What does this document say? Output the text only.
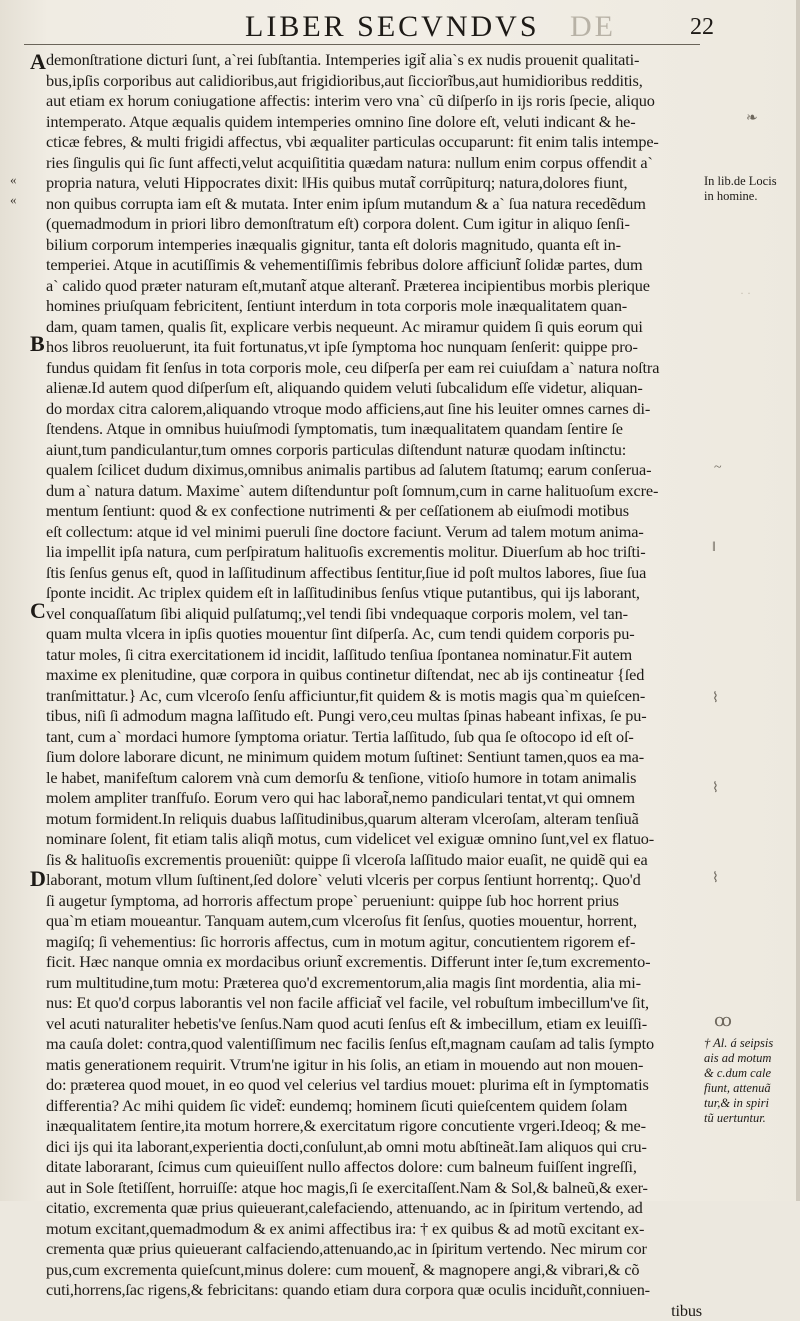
LIBER SECVNDVS DE	22
demonſtratione dicturi ſunt, a`rei ſubſtantia. Intemperies igit̃ alia`s ex nudis prouenit qualitati-
bus,ipſis corporibus aut calidioribus,aut frigidioribus,aut ſicciorĩbus,aut humidioribus redditis,
aut etiam ex horum coniugatione affectis: interim vero vna` cũ diſperſo in ijs roris ſpecie, aliquo
intemperato. Atque æqualis quidem intemperies omnino ſine dolore eſt, veluti indicant & he-
cticæ febres, & multi frigidi affectus, vbi æqualiter particulas occuparunt: fit enim talis intempe-
ries ſingulis qui ſic ſunt affecti,velut acquiſititia quædam natura: nullum enim corpus offendit a`
propria natura, veluti Hippocrates dixit: ‖His quibus mutat̃ corrũpiturq; natura,dolores fiunt,
non quibus corrupta iam eſt & mutata. Inter enim ipſum mutandum & a` ſua natura recedẽdum
(quemadmodum in priori libro demonſtratum eſt) corpora dolent. Cum igitur in aliquo ſenſi-
bilium corporum intemperies inæqualis gignitur, tanta eſt doloris magnitudo, quanta eſt in-
temperiei. Atque in acutiſſimis & vehementiſſimis febribus dolore afficiunt̃ ſolidæ partes, dum
a` calido quod præter naturam eſt,mutant̃ atque alterant̃. Præterea incipientibus morbis plerique
homines priuſquam febricitent, ſentiunt interdum in tota corporis mole inæqualitatem quan-
dam, quam tamen, qualis ſit, explicare verbis nequeunt. Ac miramur quidem ſi quis eorum qui
hos libros reuoluerunt, ita fuit fortunatus,vt ipſe ſymptoma hoc nunquam ſenſerit: quippe pro-
fundus quidam fit ſenſus in tota corporis mole, ceu diſperſa per eam rei cuiuſdam a` natura noſtra
alienæ.Id autem quod diſperſum eſt, aliquando quidem veluti ſubcalidum eſſe videtur, aliquan-
do mordax citra calorem,aliquando vtroque modo afficiens,aut ſine his leuiter omnes carnes di-
ſtendens. Atque in omnibus huiuſmodi ſymptomatis, tum inæqualitatem quandam ſentire ſe
aiunt,tum pandiculantur,tum omnes corporis particulas diſtendunt naturæ quodam inſtinctu:
qualem ſcilicet dudum diximus,omnibus animalis partibus ad ſalutem ſtatumq; earum conſerua-
dum a` natura datum. Maxime` autem diſtenduntur poſt ſomnum,cum in carne halituoſum excre-
mentum ſentiunt: quod & ex confectione nutrimenti & per ceſſationem ab eiuſmodi motibus
eſt collectum: atque id vel minimi pueruli ſine doctore faciunt. Verum ad talem motum anima-
lia impellit ipſa natura, cum perſpiratum halituoſis excrementis molitur. Diuerſum ab hoc triſti-
ſtis ſenſus genus eſt, quod in laſſitudinum affectibus ſentitur,ſiue id poſt multos labores, ſiue ſua
ſponte incidit. Ac triplex quidem eſt in laſſitudinibus ſenſus vtique putantibus, qui ijs laborant,
vel conquaſſatum ſibi aliquid pulſatumq;,vel tendi ſibi vndequaque corporis molem, vel tan-
quam multa vlcera in ipſis quoties mouentur ſint diſperſa. Ac, cum tendi quidem corporis pu-
tatur moles, ſi citra exercitationem id incidit, laſſitudo tenſiua ſpontanea nominatur.Fit autem
maxime ex plenitudine, quæ corpora in quibus continetur diſtendat, nec ab ijs contineatur {ſed
tranſmittatur.} Ac, cum vlceroſo ſenſu afficiuntur,fit quidem & is motis magis qua`m quieſcen-
tibus, niſi ſi admodum magna laſſitudo eſt. Pungi vero,ceu multas ſpinas habeant infixas, ſe pu-
tant, cum a` mordaci humore ſymptoma oriatur. Tertia laſſitudo, ſub qua ſe oſtocopo id eſt oſ-
ſium dolore laborare dicunt, ne minimum quidem motum ſuſtinet: Sentiunt tamen,quos ea ma-
le habet, manifeſtum calorem vnà cum demorſu & tenſione, vitioſo humore in totam animalis
molem ampliter tranſfuſo. Eorum vero qui hac laborat̃,nemo pandiculari tentat,vt qui omnem
motum formident.In reliquis duabus laſſitudinibus,quarum alteram vlceroſam, alteram tenſiuã
nominare ſolent, fit etiam talis aliqñ motus, cum videlicet vel exiguæ omnino ſunt,vel ex flatuo-
ſis & halituoſis excrementis proueniũt: quippe ſi vlceroſa laſſitudo maior euaſit, ne quidẽ qui ea
laborant, motum vllum ſuſtinent,ſed dolore` veluti vlceris per corpus ſentiunt horrentq;. Quo'd
ſi augetur ſymptoma, ad horroris affectum prope` perueniunt: quippe ſub hoc horrent prius
qua`m etiam moueantur. Tanquam autem,cum vlceroſus fit ſenſus, quoties mouentur, horrent,
magiſq; ſi vehementius: ſic horroris affectus, cum in motum agitur, concutientem rigorem ef-
ficit. Hæc nanque omnia ex mordacibus oriunt̃ excrementis. Differunt inter ſe,tum excremento-
rum multitudine,tum motu: Præterea quo'd excrementorum,alia magis ſint mordentia, alia mi-
nus: Et quo'd corpus laborantis vel non facile afficiat̃ vel facile, vel robuſtum imbecillum've ſit,
vel acuti naturaliter hebetis've ſenſus.Nam quod acuti ſenſus eſt & imbecillum, etiam ex leuiſſi-
ma cauſa dolet: contra,quod valentiſſimum nec facilis ſenſus eſt,magnam cauſam ad talis ſympto
matis generationem requirit. Vtrum'ne igitur in his ſolis, an etiam in mouendo aut non mouen-
do: præterea quod mouet, in eo quod vel celerius vel tardius mouet: plurima eſt in ſymptomatis
differentia? Ac mihi quidem ſic videt̃: eundemq; hominem ſicuti quieſcentem quidem ſolam
inæqualitatem ſentire,ita motum horrere,& exercitatum rigore concutiente vrgeri.Ideoq; & me-
dici ijs qui ita laborant,experientia docti,conſulunt,ab omni motu abſtineãt.Iam aliquos qui cru-
ditate laborarant, ſcimus cum quieuiſſent nullo affectos dolore: cum balneum fuiſſent ingreſſi,
aut in Sole ſtetiſſent, horruiſſe: atque hoc magis,ſi ſe exercitaſſent.Nam & Sol,& balneũ,& exer-
citatio, excrementa quæ prius quieuerant,calefaciendo, attenuando, ac in ſpiritum vertendo, ad
motum excitant,quemadmodum & ex animi affectibus ira: † ex quibus & ad motũ excitant ex-
crementa quæ prius quieuerant calfaciendo,attenuando,ac in ſpiritum vertendo. Nec mirum cor
pus,cum excrementa quieſcunt,minus dolere: cum mouent̃, & magnopere angi,& vibrari,& cõ
cuti,horrens,ſac rigens,& febricitans: quando etiam dura corpora quæ oculis inciduñt,conniuen-
tibus
A
B
C
D
«
«
In lib.de Locis
in homine.
· ·
❧
~
ǁ
⌇
⌇
⌇
ꝏ
† Al. á seipsis
ais ad motum
& c.dum cale
fiunt, attenuã
tur,& in spiri
tũ uertuntur.
